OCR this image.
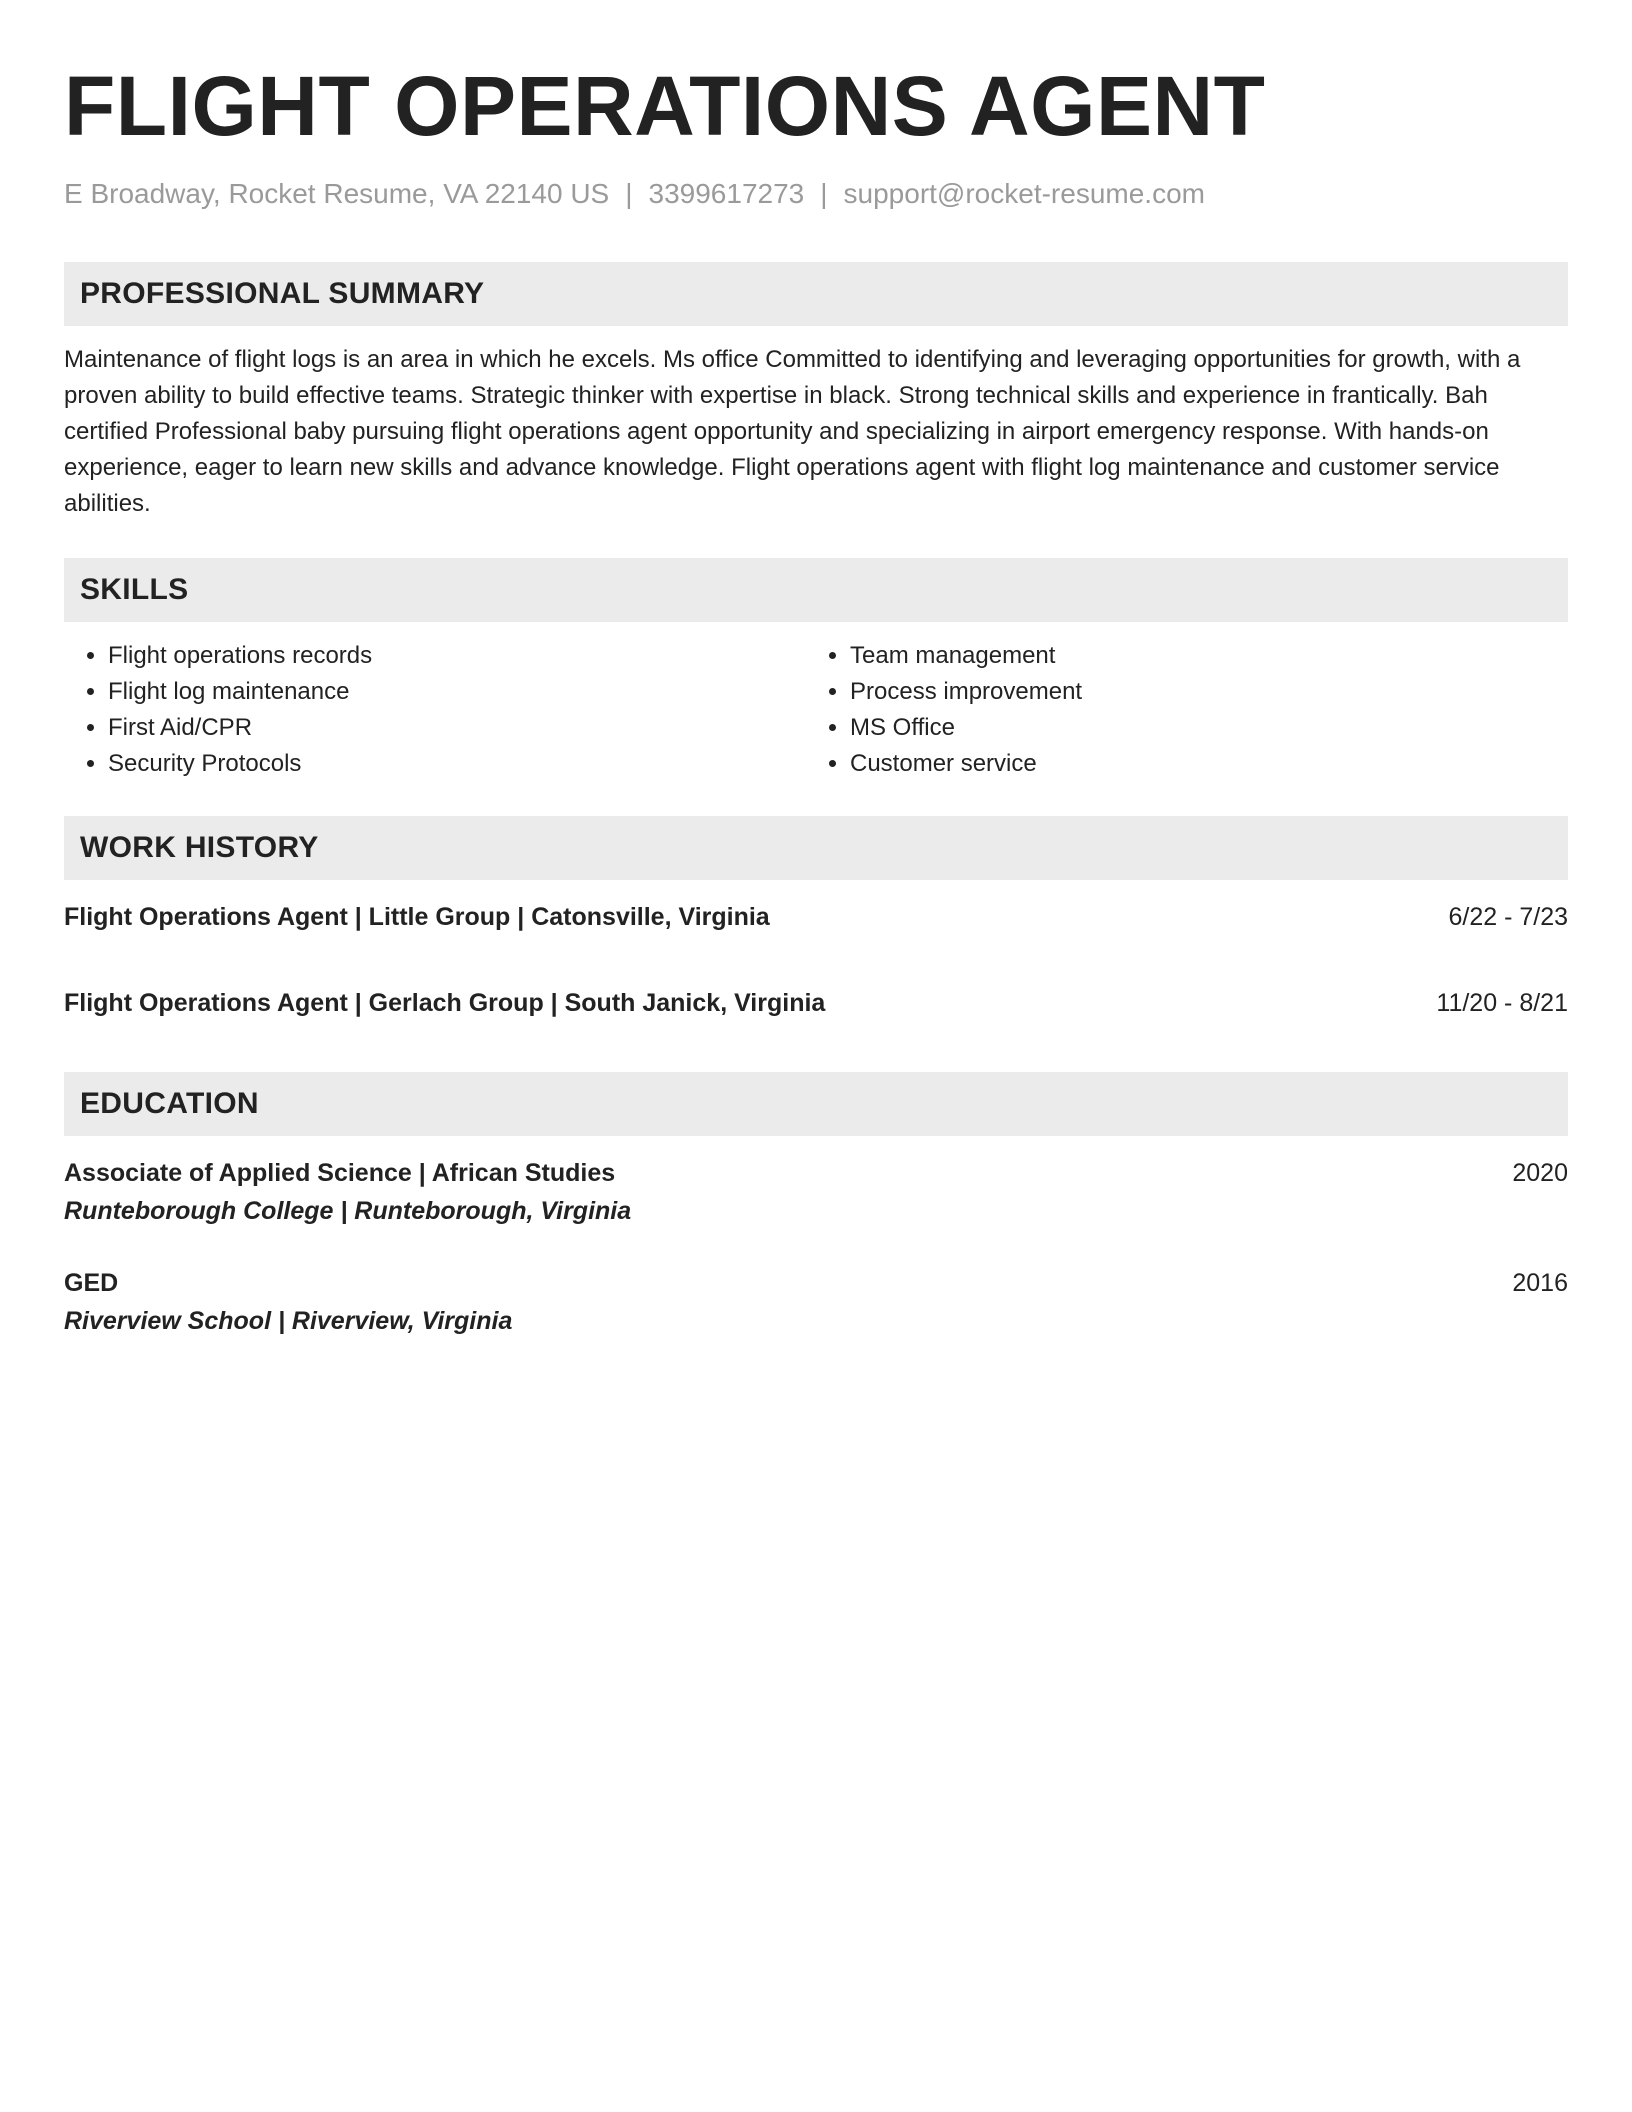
FLIGHT OPERATIONS AGENT
E Broadway, Rocket Resume, VA 22140 US | 3399617273 | support@rocket-resume.com
PROFESSIONAL SUMMARY

Maintenance of flight logs is an area in which he excels. Ms office Committed to identifying and leveraging opportunities for growth, with a proven ability to build effective teams. Strategic thinker with expertise in black. Strong technical skills and experience in frantically. Bah certified Professional baby pursuing flight operations agent opportunity and specializing in airport emergency response. With hands-on experience, eager to learn new skills and advance knowledge. Flight operations agent with flight log maintenance and customer service abilities.

SKILLS
• Flight operations records
• Flight log maintenance
• First Aid/CPR
• Security Protocols
• Team management
• Process improvement
• MS Office
• Customer service
WORK HISTORY
Flight Operations Agent | Little Group | Catonsville, Virginia	6/22 - 7/23
Flight Operations Agent | Gerlach Group | South Janick, Virginia	11/20 - 8/21
EDUCATION
Associate of Applied Science | African Studies	2020
Runteborough College | Runteborough, Virginia
GED	2016
Riverview School | Riverview, Virginia
